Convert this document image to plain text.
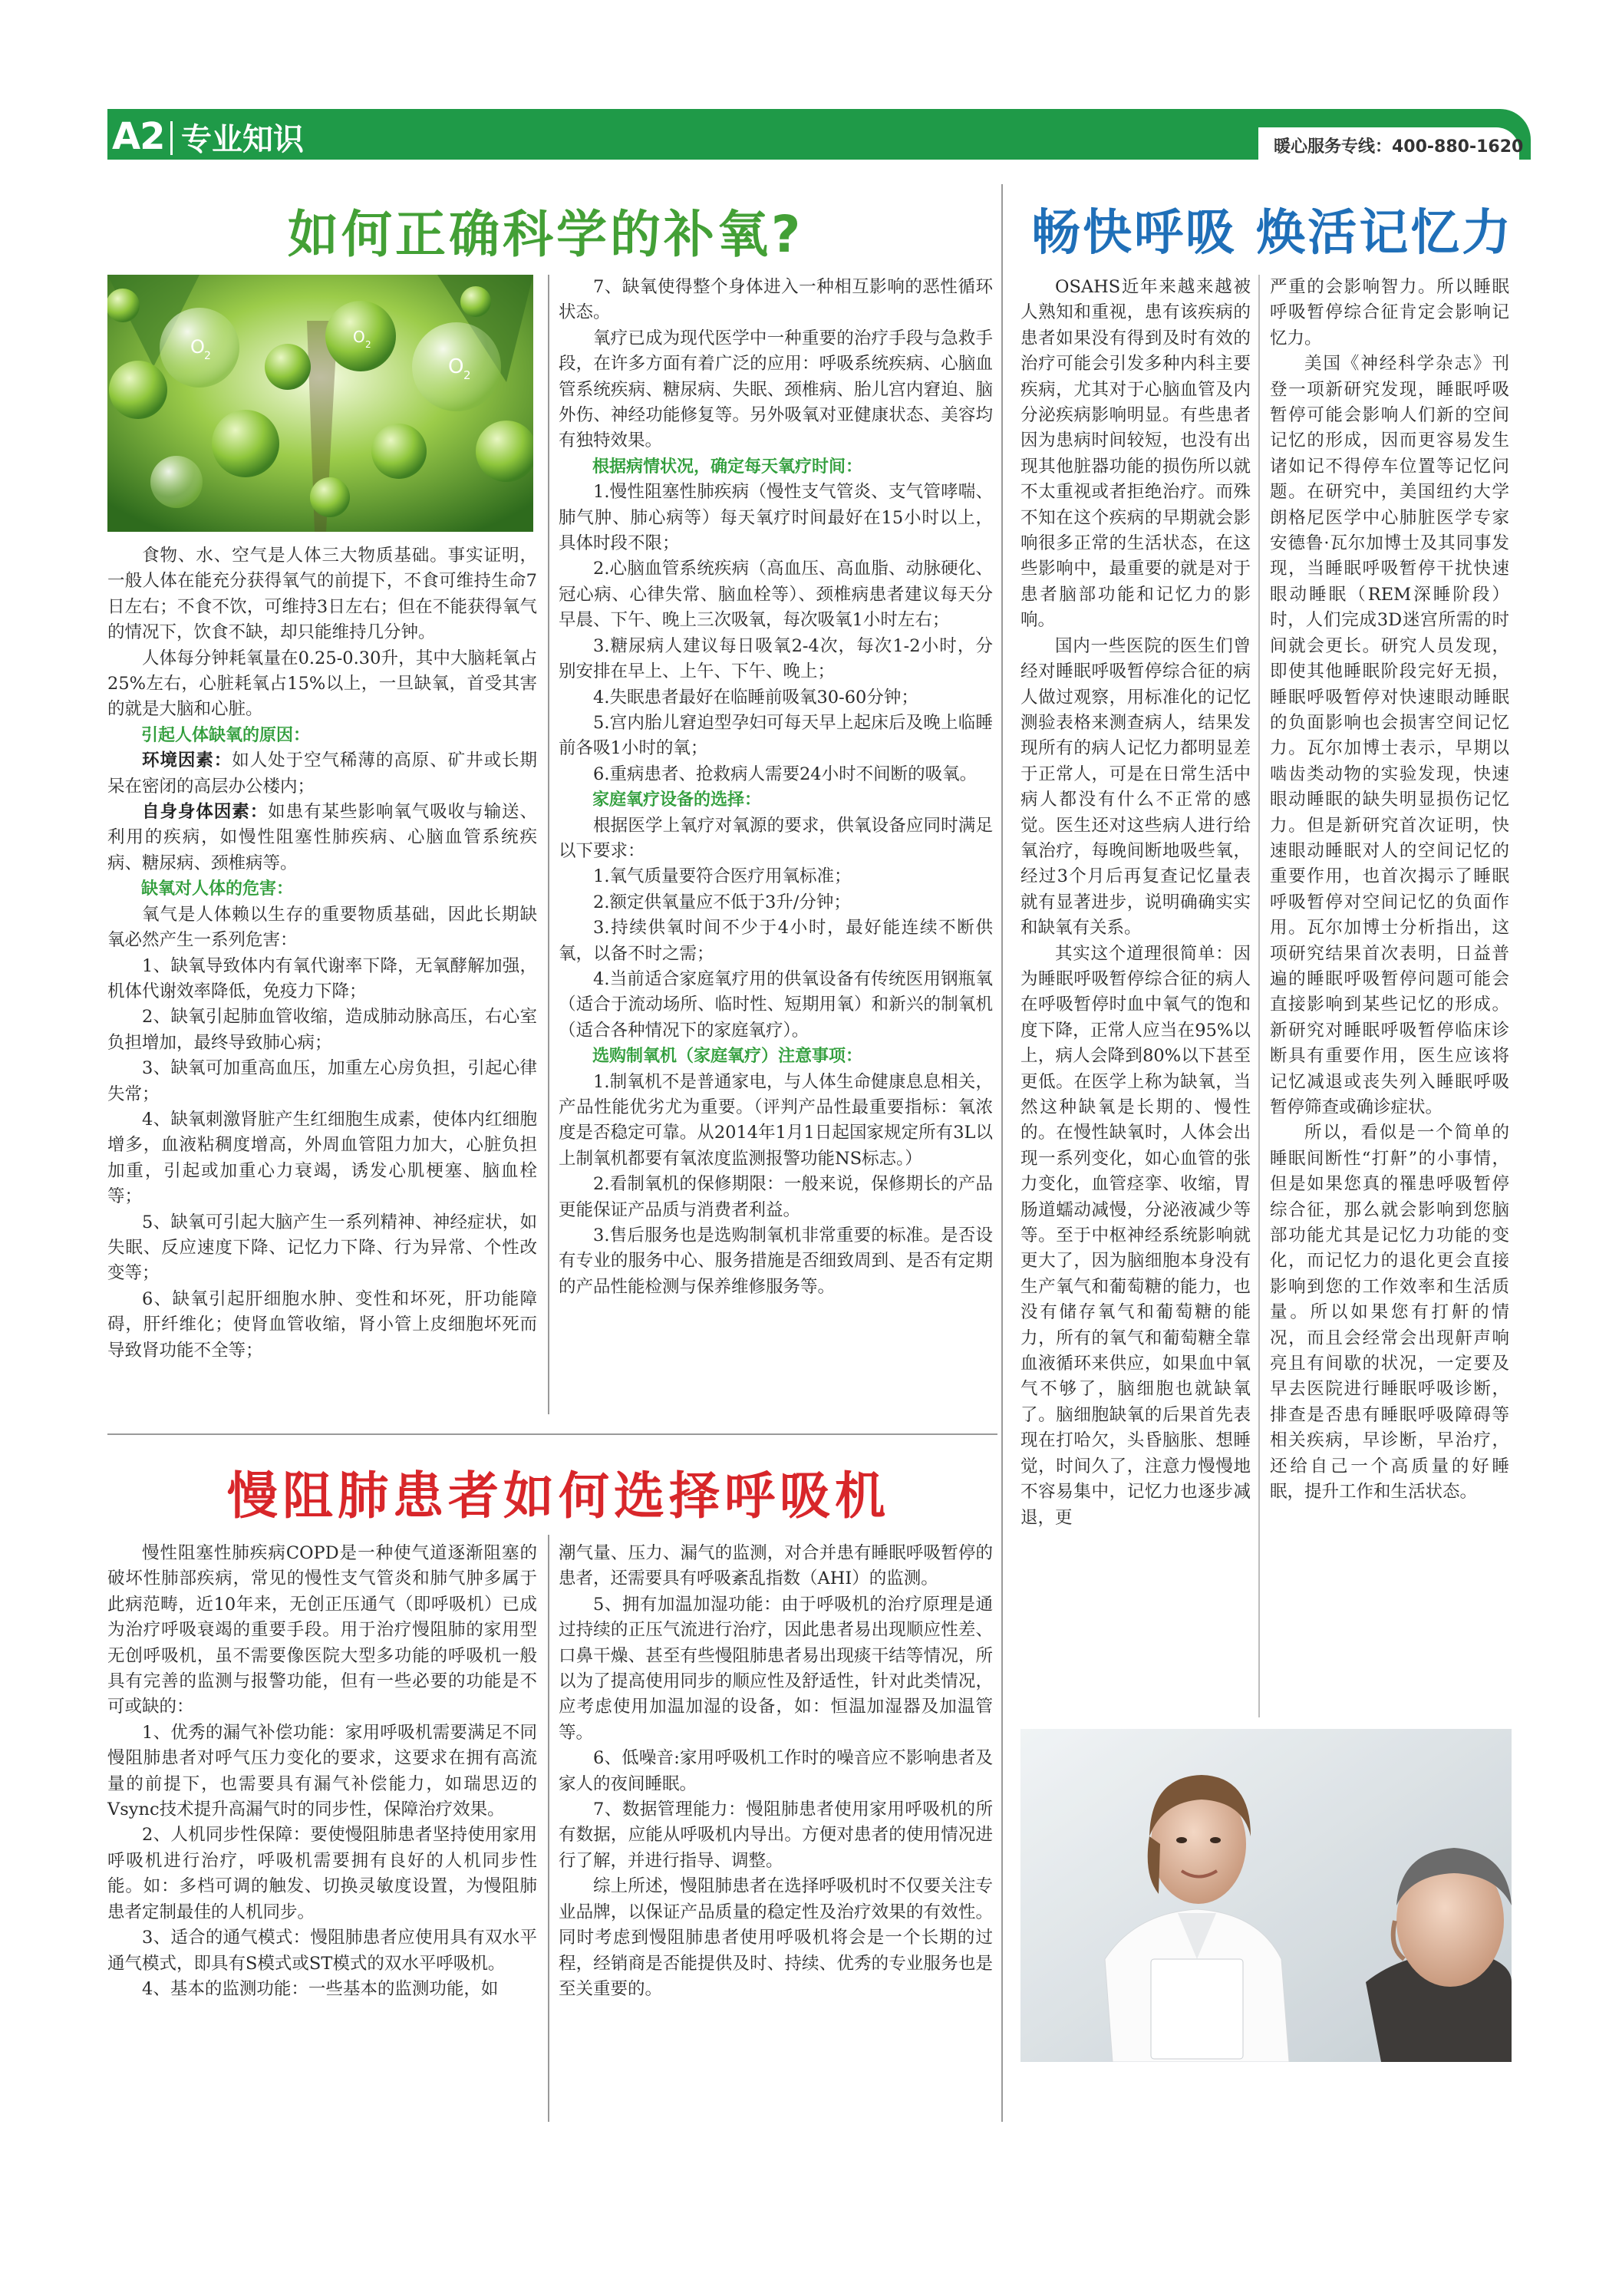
A2 专业知识	暖心服务专线：400-880-1620
如何正确科学的补氧?	畅快呼吸 焕活记忆力
慢阻肺患者如何选择呼吸机
O 2	O 2
O 2

食物、水、空气是人体三大物质基础。事实证明，一般人体在能充分获得氧气的前提下，不食可维持生命7日左右；不食不饮，可维持3日左右；但在不能获得氧气的情况下，饮食不缺，却只能维持几分钟。

人体每分钟耗氧量在0.25-0.30升，其中大脑耗氧占25%左右，心脏耗氧占15%以上，一旦缺氧，首受其害的就是大脑和心脏。

引起人体缺氧的原因：

环境因素：如人处于空气稀薄的高原、矿井或长期呆在密闭的高层办公楼内；

自身身体因素：如患有某些影响氧气吸收与输送、利用的疾病，如慢性阻塞性肺疾病、心脑血管系统疾病、糖尿病、颈椎病等。

缺氧对人体的危害：

氧气是人体赖以生存的重要物质基础，因此长期缺氧必然产生一系列危害：

1、缺氧导致体内有氧代谢率下降，无氧酵解加强，机体代谢效率降低，免疫力下降；

2、缺氧引起肺血管收缩，造成肺动脉高压，右心室负担增加，最终导致肺心病；

3、缺氧可加重高血压，加重左心房负担，引起心律失常；

4、缺氧刺激肾脏产生红细胞生成素，使体内红细胞增多，血液粘稠度增高，外周血管阻力加大，心脏负担加重，引起或加重心力衰竭，诱发心肌梗塞、脑血栓等；

5、缺氧可引起大脑产生一系列精神、神经症状，如失眠、反应速度下降、记忆力下降、行为异常、个性改变等；

6、缺氧引起肝细胞水肿、变性和坏死，肝功能障碍，肝纤维化；使肾血管收缩，肾小管上皮细胞坏死而导致肾功能不全等；

7、缺氧使得整个身体进入一种相互影响的恶性循环状态。

氧疗已成为现代医学中一种重要的治疗手段与急救手段，在许多方面有着广泛的应用：呼吸系统疾病、心脑血管系统疾病、糖尿病、失眠、颈椎病、胎儿宫内窘迫、脑外伤、神经功能修复等。另外吸氧对亚健康状态、美容均有独特效果。

根据病情状况，确定每天氧疗时间：

1.慢性阻塞性肺疾病（慢性支气管炎、支气管哮喘、肺气肿、肺心病等）每天氧疗时间最好在15小时以上，具体时段不限；

2.心脑血管系统疾病（高血压、高血脂、动脉硬化、冠心病、心律失常、脑血栓等）、颈椎病患者建议每天分早晨、下午、晚上三次吸氧，每次吸氧1小时左右；

3.糖尿病人建议每日吸氧2-4次，每次1-2小时，分别安排在早上、上午、下午、晚上；

4.失眠患者最好在临睡前吸氧30-60分钟；

5.宫内胎儿窘迫型孕妇可每天早上起床后及晚上临睡前各吸1小时的氧；

6.重病患者、抢救病人需要24小时不间断的吸氧。

家庭氧疗设备的选择：

根据医学上氧疗对氧源的要求，供氧设备应同时满足以下要求：

1.氧气质量要符合医疗用氧标准；

2.额定供氧量应不低于3升/分钟；

3.持续供氧时间不少于4小时，最好能连续不断供氧，以备不时之需；

4.当前适合家庭氧疗用的供氧设备有传统医用钢瓶氧（适合于流动场所、临时性、短期用氧）和新兴的制氧机（适合各种情况下的家庭氧疗）。

选购制氧机（家庭氧疗）注意事项：

1.制氧机不是普通家电，与人体生命健康息息相关，产品性能优劣尤为重要。（评判产品性最重要指标：氧浓度是否稳定可靠。从2014年1月1日起国家规定所有3L以上制氧机都要有氧浓度监测报警功能NS标志。）

2.看制氧机的保修期限：一般来说，保修期长的产品更能保证产品质与消费者利益。

3.售后服务也是选购制氧机非常重要的标准。是否设有专业的服务中心、服务措施是否细致周到、是否有定期的产品性能检测与保养维修服务等。

OSAHS近年来越来越被人熟知和重视，患有该疾病的患者如果没有得到及时有效的治疗可能会引发多种内科主要疾病，尤其对于心脑血管及内分泌疾病影响明显。有些患者因为患病时间较短，也没有出现其他脏器功能的损伤所以就不太重视或者拒绝治疗。而殊不知在这个疾病的早期就会影响很多正常的生活状态，在这些影响中，最重要的就是对于患者脑部功能和记忆力的影响。

国内一些医院的医生们曾经对睡眠呼吸暂停综合征的病人做过观察，用标准化的记忆测验表格来测查病人，结果发现所有的病人记忆力都明显差于正常人，可是在日常生活中病人都没有什么不正常的感觉。医生还对这些病人进行给氧治疗，每晚间断地吸些氧，经过3个月后再复查记忆量表就有显著进步，说明确确实实和缺氧有关系。

其实这个道理很简单：因为睡眠呼吸暂停综合征的病人在呼吸暂停时血中氧气的饱和度下降，正常人应当在95%以上，病人会降到80%以下甚至更低。在医学上称为缺氧，当然这种缺氧是长期的、慢性的。在慢性缺氧时，人体会出现一系列变化，如心血管的张力变化，血管痉挛、收缩，胃肠道蠕动减慢，分泌液减少等等。至于中枢神经系统影响就更大了，因为脑细胞本身没有生产氧气和葡萄糖的能力，也没有储存氧气和葡萄糖的能力，所有的氧气和葡萄糖全靠血液循环来供应，如果血中氧气不够了，脑细胞也就缺氧了。脑细胞缺氧的后果首先表现在打哈欠，头昏脑胀、想睡觉，时间久了，注意力慢慢地不容易集中，记忆力也逐步减退，更

严重的会影响智力。所以睡眠呼吸暂停综合征肯定会影响记忆力。

美国《神经科学杂志》刊登一项新研究发现，睡眠呼吸暂停可能会影响人们新的空间记忆的形成，因而更容易发生诸如记不得停车位置等记忆问题。在研究中，美国纽约大学朗格尼医学中心肺脏医学专家安德鲁·瓦尔加博士及其同事发现，当睡眠呼吸暂停干扰快速眼动睡眠（REM深睡阶段）时，人们完成3D迷宫所需的时间就会更长。研究人员发现，即使其他睡眠阶段完好无损，睡眠呼吸暂停对快速眼动睡眠的负面影响也会损害空间记忆力。瓦尔加博士表示，早期以啮齿类动物的实验发现，快速眼动睡眠的缺失明显损伤记忆力。但是新研究首次证明，快速眼动睡眠对人的空间记忆的重要作用，也首次揭示了睡眠呼吸暂停对空间记忆的负面作用。瓦尔加博士分析指出，这项研究结果首次表明，日益普遍的睡眠呼吸暂停问题可能会直接影响到某些记忆的形成。新研究对睡眠呼吸暂停临床诊断具有重要作用，医生应该将记忆减退或丧失列入睡眠呼吸暂停筛查或确诊症状。

所以，看似是一个简单的睡眠间断性“打鼾”的小事情，但是如果您真的罹患呼吸暂停综合征，那么就会影响到您脑部功能尤其是记忆力功能的变化，而记忆力的退化更会直接影响到您的工作效率和生活质量。所以如果您有打鼾的情况，而且会经常会出现鼾声响亮且有间歇的状况，一定要及早去医院进行睡眠呼吸诊断，排查是否患有睡眠呼吸障碍等相关疾病，早诊断，早治疗，还给自己一个高质量的好睡眠，提升工作和生活状态。

慢性阻塞性肺疾病COPD是一种使气道逐渐阻塞的破坏性肺部疾病，常见的慢性支气管炎和肺气肿多属于此病范畴，近10年来，无创正压通气（即呼吸机）已成为治疗呼吸衰竭的重要手段。用于治疗慢阻肺的家用型无创呼吸机，虽不需要像医院大型多功能的呼吸机一般具有完善的监测与报警功能，但有一些必要的功能是不可或缺的：

1、优秀的漏气补偿功能：家用呼吸机需要满足不同慢阻肺患者对呼气压力变化的要求，这要求在拥有高流量的前提下，也需要具有漏气补偿能力，如瑞思迈的Vsync技术提升高漏气时的同步性，保障治疗效果。

2、人机同步性保障：要使慢阻肺患者坚持使用家用呼吸机进行治疗，呼吸机需要拥有良好的人机同步性能。如：多档可调的触发、切换灵敏度设置，为慢阻肺患者定制最佳的人机同步。

3、适合的通气模式：慢阻肺患者应使用具有双水平通气模式，即具有S模式或ST模式的双水平呼吸机。

4、基本的监测功能：一些基本的监测功能，如

潮气量、压力、漏气的监测，对合并患有睡眠呼吸暂停的患者，还需要具有呼吸紊乱指数（AHI）的监测。

5、拥有加温加湿功能：由于呼吸机的治疗原理是通过持续的正压气流进行治疗，因此患者易出现顺应性差、口鼻干燥、甚至有些慢阻肺患者易出现痰干结等情况，所以为了提高使用同步的顺应性及舒适性，针对此类情况，应考虑使用加温加湿的设备，如：恒温加湿器及加温管等。

6、低噪音:家用呼吸机工作时的噪音应不影响患者及家人的夜间睡眠。

7、数据管理能力：慢阻肺患者使用家用呼吸机的所有数据，应能从呼吸机内导出。方便对患者的使用情况进行了解，并进行指导、调整。

综上所述，慢阻肺患者在选择呼吸机时不仅要关注专业品牌，以保证产品质量的稳定性及治疗效果的有效性。同时考虑到慢阻肺患者使用呼吸机将会是一个长期的过程，经销商是否能提供及时、持续、优秀的专业服务也是至关重要的。
